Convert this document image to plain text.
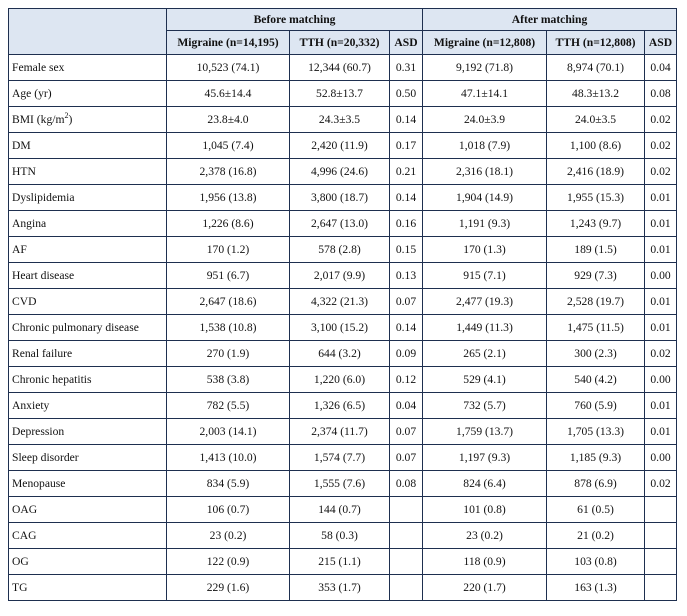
	Before matching			After matching		
	Migraine (n=14,195)	TTH (n=20,332)	ASD	Migraine (n=12,808)	TTH (n=12,808)	ASD
Female sex	10,523 (74.1)	12,344 (60.7)	0.31	9,192 (71.8)	8,974 (70.1)	0.04
Age (yr)	45.6±14.4	52.8±13.7	0.50	47.1±14.1	48.3±13.2	0.08
BMI $(kg/m^2)$	23.8±4.0	24.3±3.5	0.14	24.0±3.9	24.0±3.5	0.02
DM	1,045 (7.4)	2,420 (11.9)	0.17	1,018 (7.9)	1,100 (8.6)	0.02
HTN	2,378 (16.8)	4,996 (24.6)	0.21	2,316 (18.1)	2,416 (18.9)	0.02
Dyslipidemia	1,956 (13.8)	3,800 (18.7)	0.14	1,904 (14.9)	1,955 (15.3)	0.01
Angina	1,226 (8.6)	2,647 (13.0)	0.16	1,191 (9.3)	1,243 (9.7)	0.01
AF	170 (1.2)	578 (2.8)	0.15	170 (1.3)	189 (1.5)	0.01
Heart disease	951 (6.7)	2,017 (9.9)	0.13	915 (7.1)	929 (7.3)	0.00
CVD	2,647 (18.6)	4,322 (21.3)	0.07	2,477 (19.3)	2,528 (19.7)	0.01
Chronic pulmonary disease	1,538 (10.8)	3,100 (15.2)	0.14	1,449 (11.3)	1,475 (11.5)	0.01
Renal failure	270 (1.9)	644 (3.2)	0.09	265 (2.1)	300 (2.3)	0.02
Chronic hepatitis	538 (3.8)	1,220 (6.0)	0.12	529 (4.1)	540 (4.2)	0.00
Anxiety	782 (5.5)	1,326 (6.5)	0.04	732 (5.7)	760 (5.9)	0.01
Depression	2,003 (14.1)	2,374 (11.7)	0.07	1,759 (13.7)	1,705 (13.3)	0.01
Sleep disorder	1,413 (10.0)	1,574 (7.7)	0.07	1,197 (9.3)	1,185 (9.3)	0.00
Menopause	834 (5.9)	1,555 (7.6)	0.08	824 (6.4)	878 (6.9)	0.02
OAG	106 (0.7)	144 (0.7)		101 (0.8)	61 (0.5)	
CAG	23 (0.2)	58 (0.3)		23 (0.2)	21 (0.2)	
OG	122 (0.9)	215 (1.1)		118 (0.9)	103 (0.8)	
TG	229 (1.6)	353 (1.7)		220 (1.7)	163 (1.3)	
